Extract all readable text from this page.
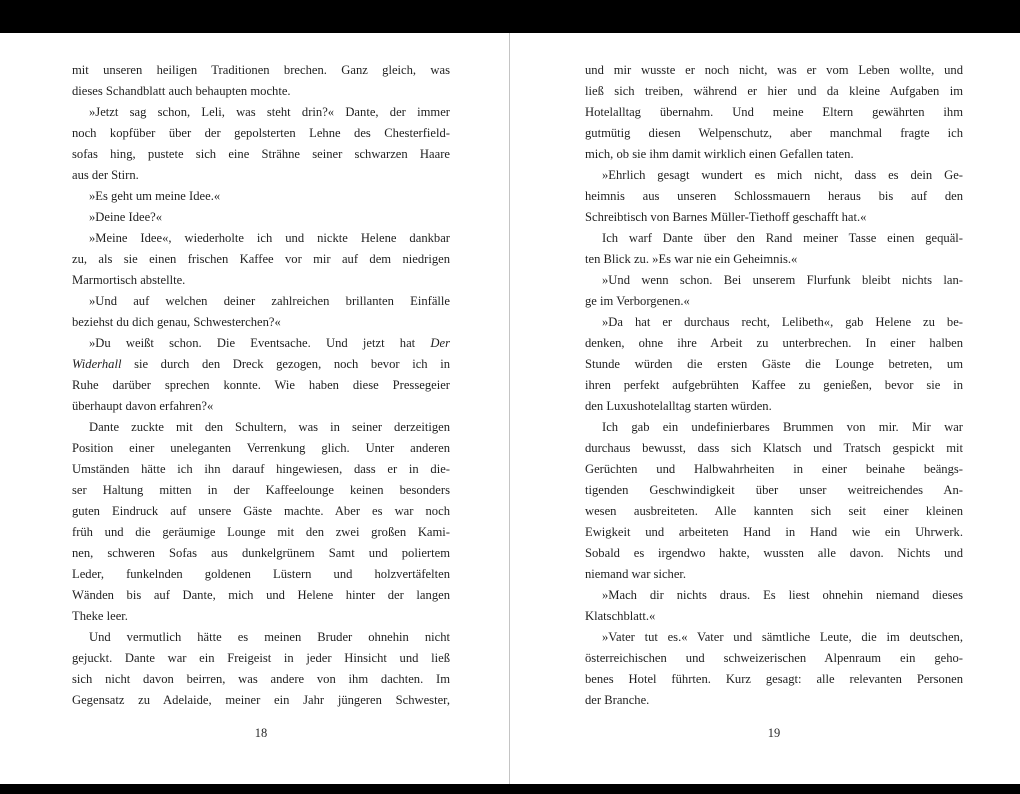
mit unseren heiligen Traditionen brechen. Ganz gleich, was
dieses Schandblatt auch behaupten mochte.
»Jetzt sag schon, Leli, was steht drin?« Dante, der immer
noch kopfüber über der gepolsterten Lehne des Chesterfield-
sofas hing, pustete sich eine Strähne seiner schwarzen Haare
aus der Stirn.
»Es geht um meine Idee.«
»Deine Idee?«
»Meine Idee«, wiederholte ich und nickte Helene dankbar
zu, als sie einen frischen Kaffee vor mir auf dem niedrigen
Marmortisch abstellte.
»Und auf welchen deiner zahlreichen brillanten Einfälle
beziehst du dich genau, Schwesterchen?«
»Du weißt schon. Die Eventsache. Und jetzt hat Der
Widerhall sie durch den Dreck gezogen, noch bevor ich in
Ruhe darüber sprechen konnte. Wie haben diese Pressegeier
überhaupt davon erfahren?«
Dante zuckte mit den Schultern, was in seiner derzeitigen
Position einer uneleganten Verrenkung glich. Unter anderen
Umständen hätte ich ihn darauf hingewiesen, dass er in die-
ser Haltung mitten in der Kaffeelounge keinen besonders
guten Eindruck auf unsere Gäste machte. Aber es war noch
früh und die geräumige Lounge mit den zwei großen Kami-
nen, schweren Sofas aus dunkelgrünem Samt und poliertem
Leder, funkelnden goldenen Lüstern und holzvertäfelten
Wänden bis auf Dante, mich und Helene hinter der langen
Theke leer.
Und vermutlich hätte es meinen Bruder ohnehin nicht
gejuckt. Dante war ein Freigeist in jeder Hinsicht und ließ
sich nicht davon beirren, was andere von ihm dachten. Im
Gegensatz zu Adelaide, meiner ein Jahr jüngeren Schwester,
18
und mir wusste er noch nicht, was er vom Leben wollte, und
ließ sich treiben, während er hier und da kleine Aufgaben im
Hotelalltag übernahm. Und meine Eltern gewährten ihm
gutmütig diesen Welpenschutz, aber manchmal fragte ich
mich, ob sie ihm damit wirklich einen Gefallen taten.
»Ehrlich gesagt wundert es mich nicht, dass es dein Ge-
heimnis aus unseren Schlossmauern heraus bis auf den
Schreibtisch von Barnes Müller-Tiethoff geschafft hat.«
Ich warf Dante über den Rand meiner Tasse einen gequäl-
ten Blick zu. »Es war nie ein Geheimnis.«
»Und wenn schon. Bei unserem Flurfunk bleibt nichts lan-
ge im Verborgenen.«
»Da hat er durchaus recht, Lelibeth«, gab Helene zu be-
denken, ohne ihre Arbeit zu unterbrechen. In einer halben
Stunde würden die ersten Gäste die Lounge betreten, um
ihren perfekt aufgebrühten Kaffee zu genießen, bevor sie in
den Luxushotelalltag starten würden.
Ich gab ein undefinierbares Brummen von mir. Mir war
durchaus bewusst, dass sich Klatsch und Tratsch gespickt mit
Gerüchten und Halbwahrheiten in einer beinahe beängs-
tigenden Geschwindigkeit über unser weitreichendes An-
wesen ausbreiteten. Alle kannten sich seit einer kleinen
Ewigkeit und arbeiteten Hand in Hand wie ein Uhrwerk.
Sobald es irgendwo hakte, wussten alle davon. Nichts und
niemand war sicher.
»Mach dir nichts draus. Es liest ohnehin niemand dieses
Klatschblatt.«
»Vater tut es.« Vater und sämtliche Leute, die im deutschen,
österreichischen und schweizerischen Alpenraum ein geho-
benes Hotel führten. Kurz gesagt: alle relevanten Personen
der Branche.
19
